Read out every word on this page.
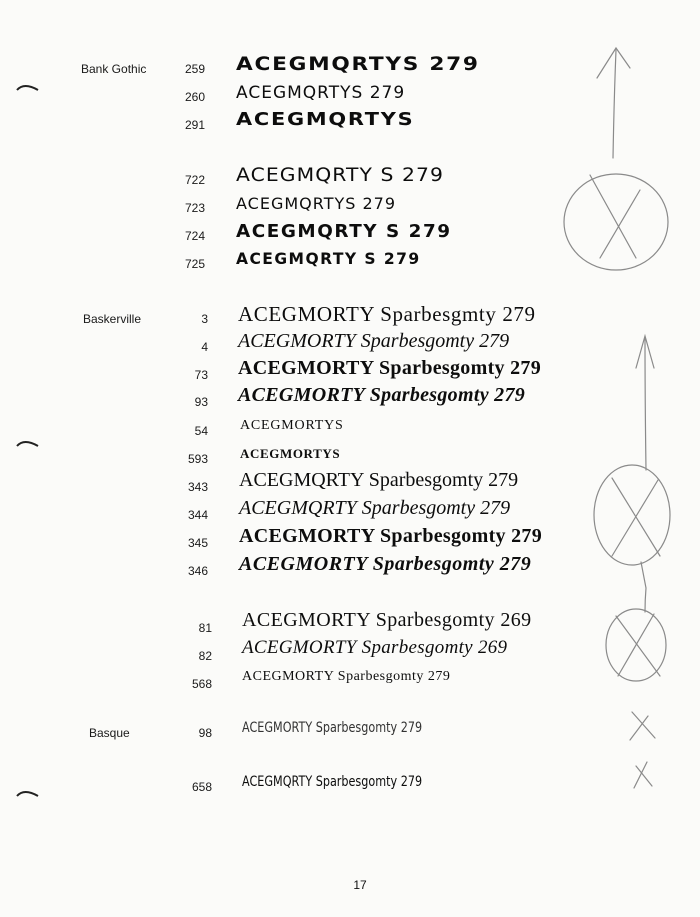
Bank Gothic
Baskerville
Basque
259 ACEGMQRTYS 279
260 ACEGMQRTYS 279
291 ACEGMQRTYS
722 ACEGMQRTY S 279
723 ACEGMQRTYS 279
724 ACEGMQRTY S 279
725 ACEGMQRTY S 279
3 ACEGMORTY Sparbesgmty 279
4 ACEGMORTY Sparbesgomty 279
73 ACEGMORTY Sparbesgomty 279
93 ACEGMORTY Sparbesgomty 279
54 ACEGMORTYS
593 ACEGMORTYS
343 ACEGMQRTY Sparbesgomty 279
344 ACEGMQRTY Sparbesgomty 279
345 ACEGMORTY Sparbesgomty 279
346 ACEGMORTY Sparbesgomty 279
81 ACEGMORTY Sparbesgomty 269
82 ACEGMORTY Sparbesgomty 269
568 ACEGMORTY Sparbesgomty 279
98 ACEGMORTY Sparbesgomty 279
658 ACEGMQRTY Sparbesgomty 279
17
